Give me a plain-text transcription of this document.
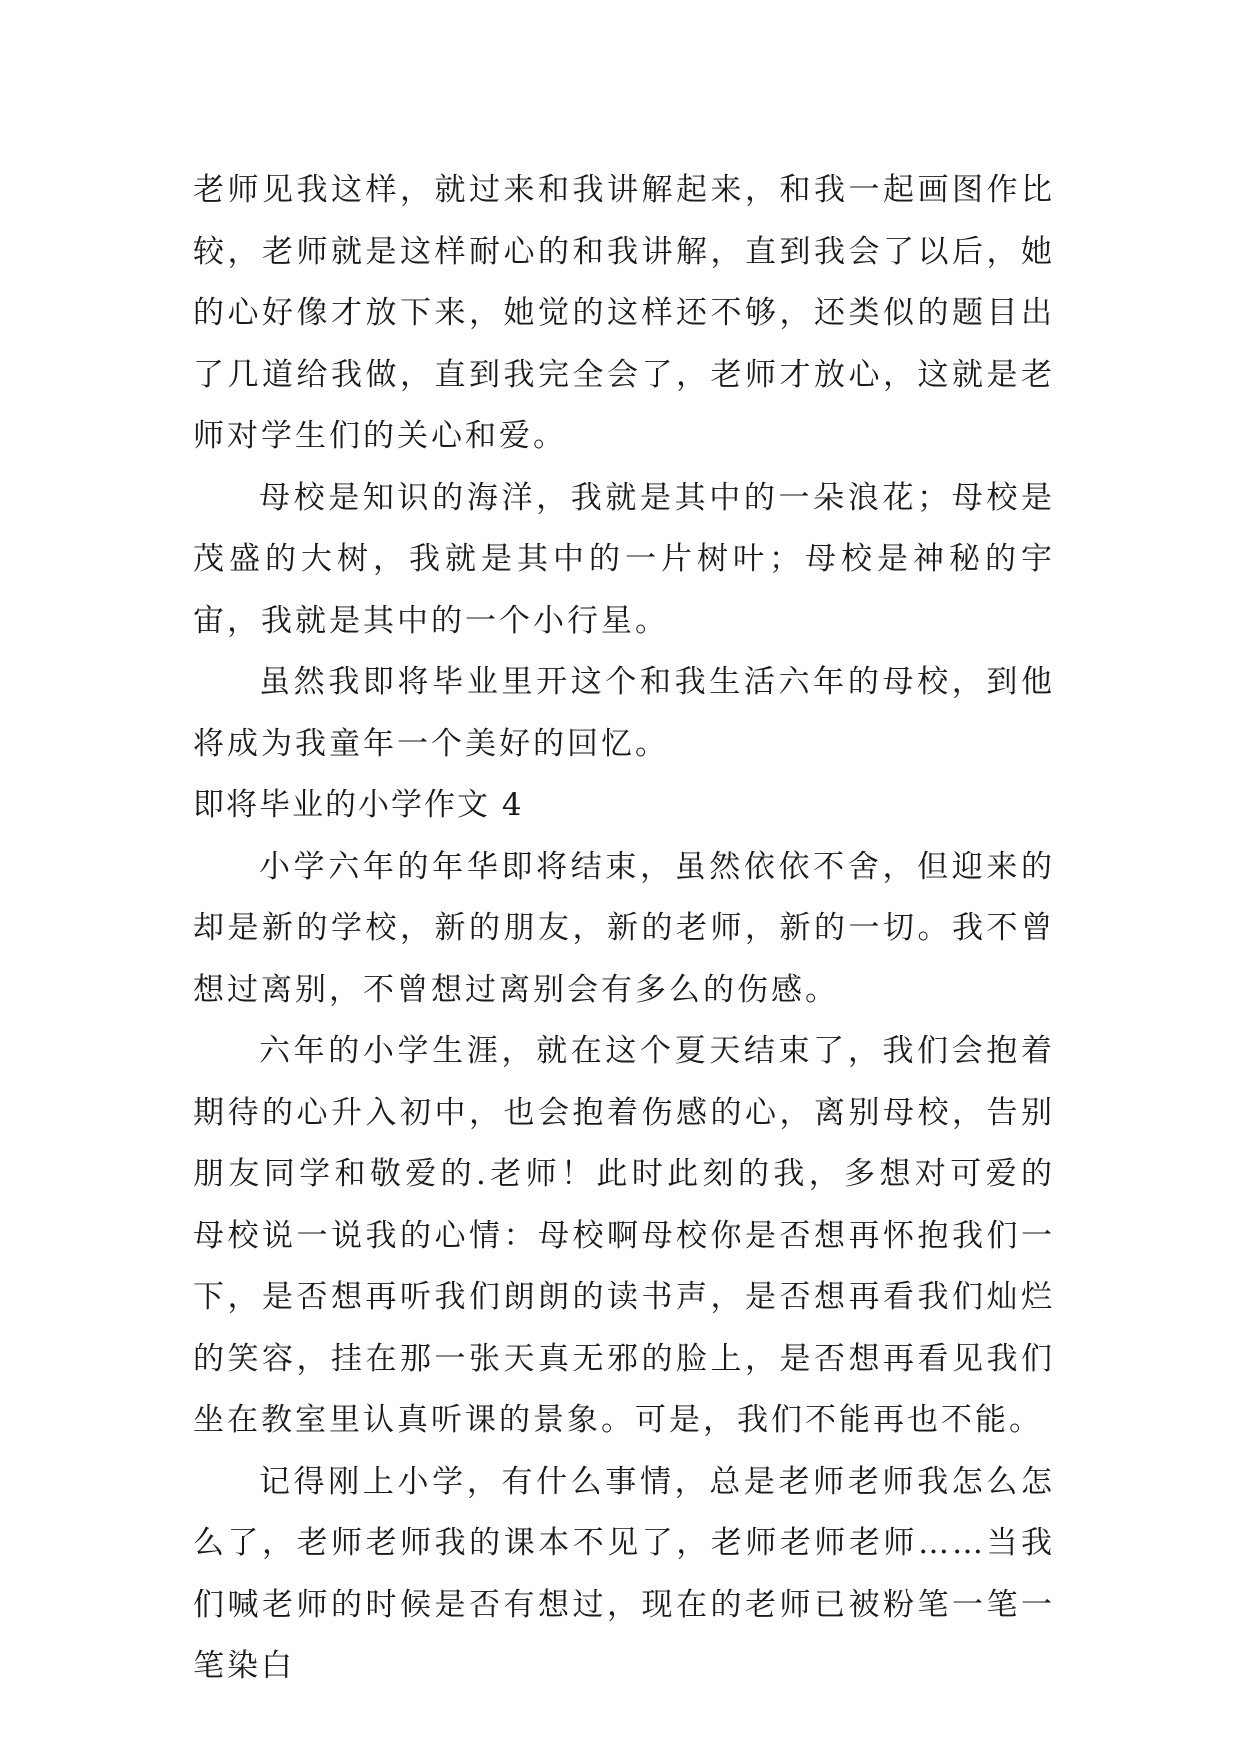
老师见我这样，就过来和我讲解起来，和我一起画图作比较，老师就是这样耐心的和我讲解，直到我会了以后，她的心好像才放下来，她觉的这样还不够，还类似的题目出了几道给我做，直到我完全会了，老师才放心，这就是老师对学生们的关心和爱。

母校是知识的海洋，我就是其中的一朵浪花；母校是茂盛的大树，我就是其中的一片树叶；母校是神秘的宇宙，我就是其中的一个小行星。

虽然我即将毕业里开这个和我生活六年的母校，到他将成为我童年一个美好的回忆。

即将毕业的小学作文 4

小学六年的年华即将结束，虽然依依不舍，但迎来的却是新的学校，新的朋友，新的老师，新的一切。我不曾想过离别，不曾想过离别会有多么的伤感。

六年的小学生涯，就在这个夏天结束了，我们会抱着期待的心升入初中，也会抱着伤感的心，离别母校，告别朋友同学和敬爱的.老师！此时此刻的我，多想对可爱的母校说一说我的心情：母校啊母校你是否想再怀抱我们一下，是否想再听我们朗朗的读书声，是否想再看我们灿烂的笑容，挂在那一张天真无邪的脸上，是否想再看见我们坐在教室里认真听课的景象。可是，我们不能再也不能。

记得刚上小学，有什么事情，总是老师老师我怎么怎么了，老师老师我的课本不见了，老师老师老师……当我们喊老师的时候是否有想过，现在的老师已被粉笔一笔一笔染白
